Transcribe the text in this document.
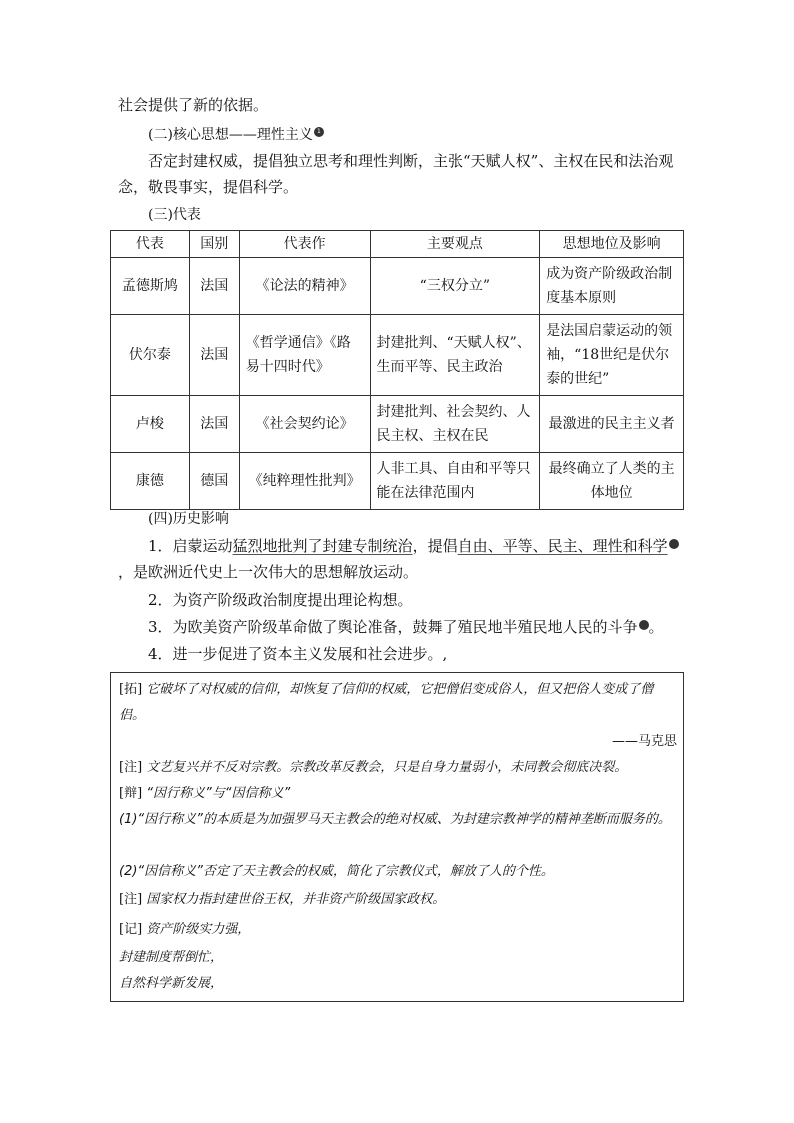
社会提供了新的依据。
(二)核心思想——理性主义 1
否定封建权威，提倡独立思考和理性判断，主张“天赋人权”、主权在民和法治观念，敬畏事实，提倡科学。
(三)代表
代表	国别	代表作	主要观点	思想地位及影响
孟德斯鸠	法国	《论法的精神》	“三权分立”	成为资产阶级政治制度基本原则
伏尔泰	法国	《哲学通信》《路易十四时代》	封建批判、“天赋人权”、生而平等、民主政治	是法国启蒙运动的领袖，“18世纪是伏尔泰的世纪”
卢梭	法国	《社会契约论》	封建批判、社会契约、人民主权、主权在民	最激进的民主主义者
康德	德国	《纯粹理性批判》	人非工具、自由和平等只能在法律范围内	最终确立了人类的主体地位
(四)历史影响
1．启蒙运动猛烈地批判了封建专制统治，提倡自由、平等、民主、理性和科学	2，是欧洲近代史上一次伟大的思想解放运动。
2．为资产阶级政治制度提出理论构想。
3．为欧美资产阶级革命做了舆论准备，鼓舞了殖民地半殖民地人民的斗争	3。
4．进一步促进了资本主义发展和社会进步。,
[拓] 它破坏了对权威的信仰，却恢复了信仰的权威，它把僧侣变成俗人，但又把俗人变成了僧侣。
——马克思
[注] 文艺复兴并不反对宗教。宗教改革反教会，只是自身力量弱小，未同教会彻底决裂。
[辩] “因行称义”与“因信称义”
(1)“因行称义”的本质是为加强罗马天主教会的绝对权威、为封建宗教神学的精神垄断而服务的。
(2)“因信称义”否定了天主教会的权威，简化了宗教仪式，解放了人的个性。
[注] 国家权力指封建世俗王权，并非资产阶级国家政权。
[记] 资产阶级实力强，
封建制度帮倒忙，
自然科学新发展，
